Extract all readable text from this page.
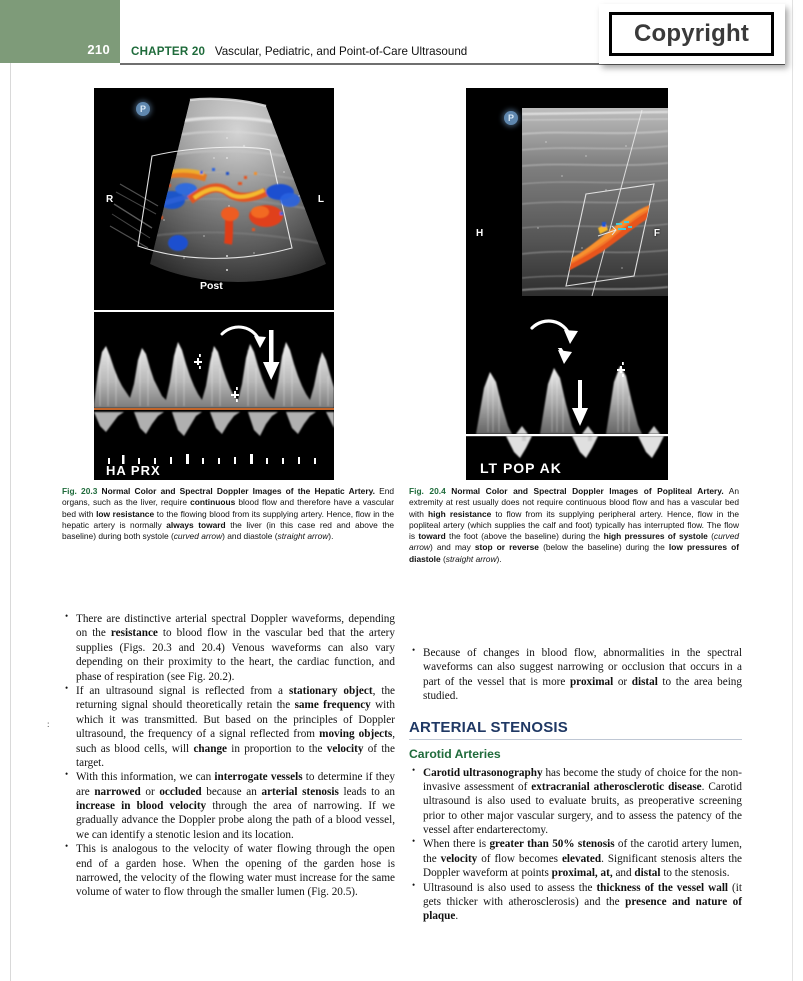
210 CHAPTER 20 Vascular, Pediatric, and Point-of-Care Ultrasound
Copyright
P
R	L
Post
HA PRX
Fig. 20.3 Normal Color and Spectral Doppler Images of the Hepatic Artery. End organs, such as the liver, require continuous blood flow and therefore have a vascular bed with low resistance to the flowing blood from its supplying artery. Hence, flow in the hepatic artery is normally always toward the liver (in this case red and above the baseline) during both systole (curved arrow) and diastole (straight arrow).
P
H	F
LT POP AK
Fig. 20.4 Normal Color and Spectral Doppler Images of Popliteal Artery. An extremity at rest usually does not require continuous blood flow and has a vascular bed with high resistance to flow from its supplying peripheral artery. Hence, flow in the popliteal artery (which supplies the calf and foot) typically has interrupted flow. The flow is toward the foot (above the baseline) during the high pressures of systole (curved arrow) and may stop or reverse (below the baseline) during the low pressures of diastole (straight arrow).
• There are distinctive arterial spectral Doppler waveforms, depending on the resistance to blood flow in the vascular bed that the artery supplies (Figs. 20.3 and 20.4) Venous waveforms can also vary depending on their proximity to the heart, the cardiac function, and phase of respiration (see Fig. 20.2).
• If an ultrasound signal is reflected from a stationary object, the returning signal should theoretically retain the same frequency with which it was transmitted. But based on the principles of Doppler ultrasound, the frequency of a signal reflected from moving objects, such as blood cells, will change in proportion to the velocity of the target.
• With this information, we can interrogate vessels to determine if they are narrowed or occluded because an arterial stenosis leads to an increase in blood velocity through the area of narrowing. If we gradually advance the Doppler probe along the path of a blood vessel, we can identify a stenotic lesion and its location.
• This is analogous to the velocity of water flowing through the open end of a garden hose. When the opening of the garden hose is narrowed, the velocity of the flowing water must increase for the same volume of water to flow through the smaller lumen (Fig. 20.5).
:
• Because of changes in blood flow, abnormalities in the spectral waveforms can also suggest narrowing or occlusion that occurs in a part of the vessel that is more proximal or distal to the area being studied.
ARTERIAL STENOSIS
Carotid Arteries
• Carotid ultrasonography has become the study of choice for the non-invasive assessment of extracranial atherosclerotic disease. Carotid ultrasound is also used to evaluate bruits, as preoperative screening prior to other major vascular surgery, and to assess the patency of the vessel after endarterectomy.
• When there is greater than 50% stenosis of the carotid artery lumen, the velocity of flow becomes elevated. Significant stenosis alters the Doppler waveform at points proximal, at, and distal to the stenosis.
• Ultrasound is also used to assess the thickness of the vessel wall (it gets thicker with atherosclerosis) and the presence and nature of plaque.
